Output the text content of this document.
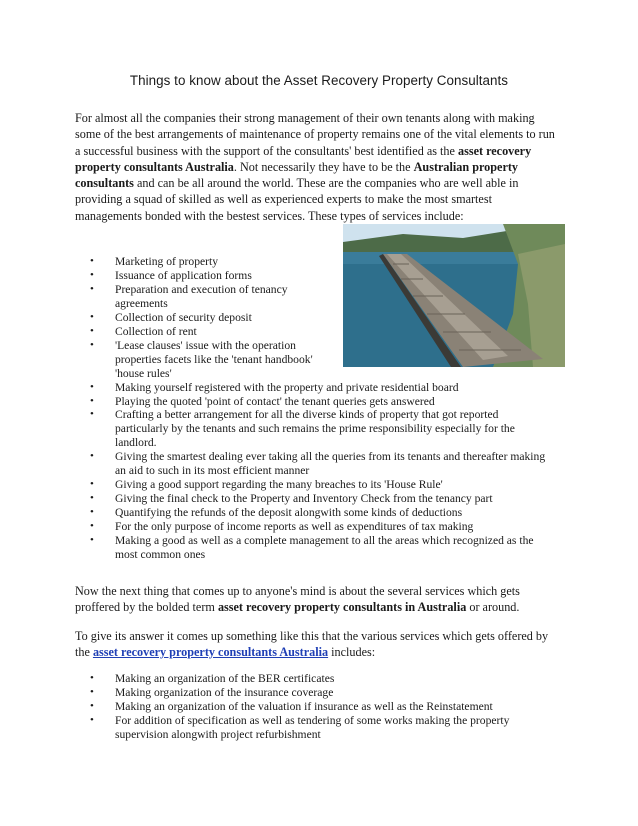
Things to know about the Asset Recovery Property Consultants

For almost all the companies their strong management of their own tenants along with making some of the best arrangements of maintenance of property remains one of the vital elements to run a successful business with the support of the consultants' best identified as the asset recovery property consultants Australia. Not necessarily they have to be the Australian property consultants and can be all around the world. These are the companies who are well able in providing a squad of skilled as well as experienced experts to make the most smartest managements bonded with the bestest services. These types of services include:

• Marketing of property
• Issuance of application forms
• Preparation and execution of tenancy agreements
• Collection of security deposit
• Collection of rent
• 'Lease clauses' issue with the operation properties facets like the 'tenant handbook' 'house rules'
• Making yourself registered with the property and private residential board
• Playing the quoted 'point of contact' the tenant queries gets answered
• Crafting a better arrangement for all the diverse kinds of property that got reported particularly by the tenants and such remains the prime responsibility especially for the landlord.
• Giving the smartest dealing ever taking all the queries from its tenants and thereafter making an aid to such in its most efficient manner
• Giving a good support regarding the many breaches to its 'House Rule'
• Giving the final check to the Property and Inventory Check from the tenancy part
• Quantifying the refunds of the deposit alongwith some kinds of deductions
• For the only purpose of income reports as well as expenditures of tax making
• Making a good as well as a complete management to all the areas which recognized as the most common ones

Now the next thing that comes up to anyone's mind is about the several services which gets proffered by the bolded term asset recovery property consultants in Australia or around.

To give its answer it comes up something like this that the various services which gets offered by the asset recovery property consultants Australia includes:

• Making an organization of the BER certificates
• Making organization of the insurance coverage
• Making an organization of the valuation if insurance as well as the Reinstatement
• For addition of specification as well as tendering of some works making the property supervision alongwith project refurbishment
